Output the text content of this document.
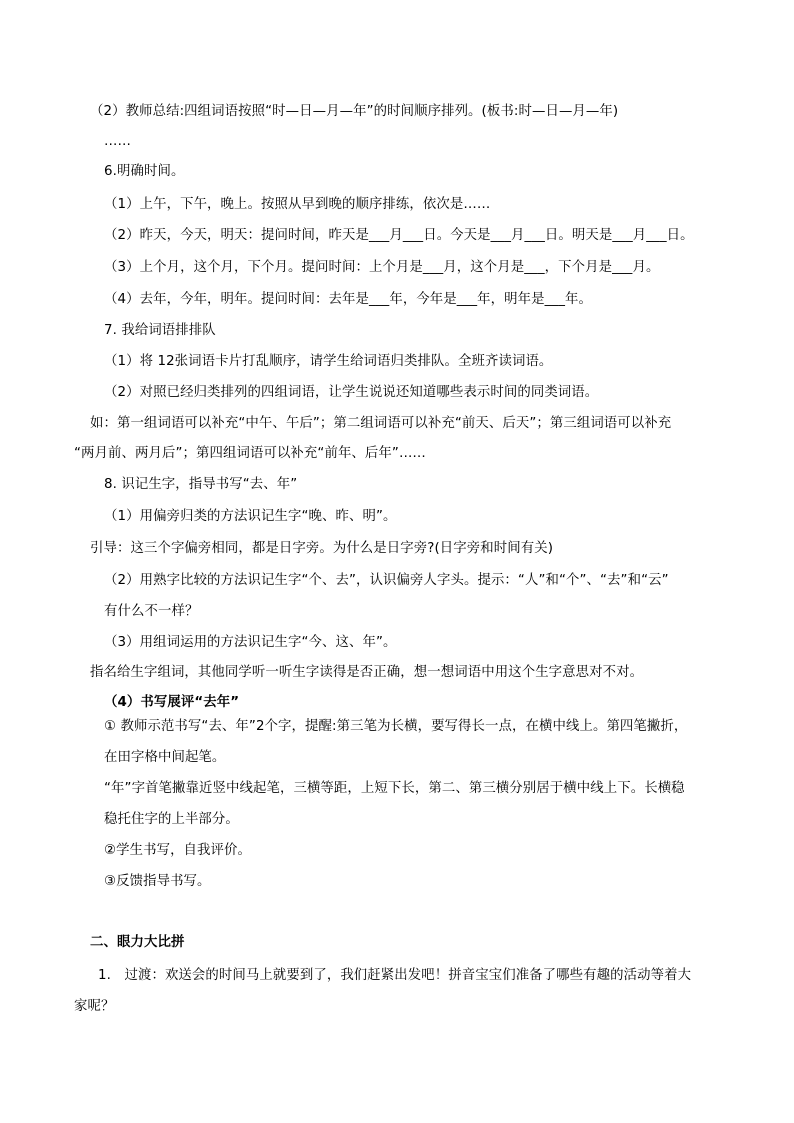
（2）教师总结:四组词语按照“时—日—月—年”的时间顺序排列。(板书:时—日—月—年)
……
6.明确时间。
（1）上午，下午，晚上。按照从早到晚的顺序排练，依次是……
（2）昨天，今天，明天：提问时间，昨天是___月___日。今天是___月___日。明天是___月___日。
（3）上个月，这个月，下个月。提问时间：上个月是___月，这个月是___，下个月是___月。
（4）去年，今年，明年。提问时间：去年是___年，今年是___年，明年是___年。
7. 我给词语排排队
（1）将 12张词语卡片打乱顺序，请学生给词语归类排队。全班齐读词语。
（2）对照已经归类排列的四组词语，让学生说说还知道哪些表示时间的同类词语。
如：第一组词语可以补充“中午、午后”；第二组词语可以补充“前天、后天”；第三组词语可以补充
“两月前、两月后”；第四组词语可以补充“前年、后年”……
8. 识记生字，指导书写“去、年”
（1）用偏旁归类的方法识记生字“晚、昨、明”。
引导：这三个字偏旁相同，都是日字旁。为什么是日字旁?(日字旁和时间有关)
（2）用熟字比较的方法识记生字“个、去”，认识偏旁人字头。提示：“人”和“个”、“去”和“云”
有什么不一样？
（3）用组词运用的方法识记生字“今、这、年”。
指名给生字组词，其他同学听一听生字读得是否正确，想一想词语中用这个生字意思对不对。
（4）书写展评“去年”
① 教师示范书写“去、年”2个字，提醒:第三笔为长横，要写得长一点，在横中线上。第四笔撇折，
在田字格中间起笔。
“年”字首笔撇靠近竖中线起笔，三横等距，上短下长，第二、第三横分别居于横中线上下。长横稳
稳托住字的上半部分。
②学生书写，自我评价。
③反馈指导书写。
二、眼力大比拼
1.　过渡：欢送会的时间马上就要到了，我们赶紧出发吧！拼音宝宝们准备了哪些有趣的活动等着大
家呢？
